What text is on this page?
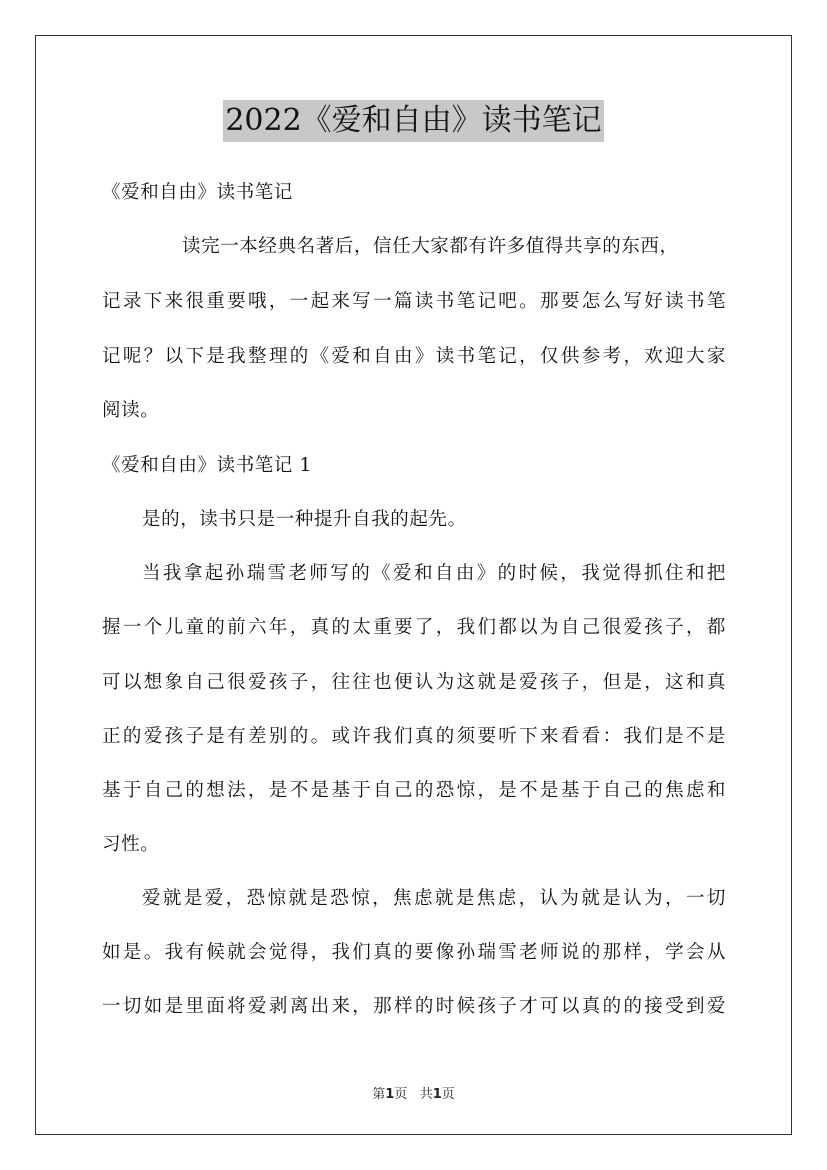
2022《爱和自由》读书笔记
《爱和自由》读书笔记
读完一本经典名著后，信任大家都有许多值得共享的东西，
记录下来很重要哦，一起来写一篇读书笔记吧。那要怎么写好读书笔
记呢？以下是我整理的《爱和自由》读书笔记，仅供参考，欢迎大家
阅读。
《爱和自由》读书笔记 1
是的，读书只是一种提升自我的起先。
当我拿起孙瑞雪老师写的《爱和自由》的时候，我觉得抓住和把
握一个儿童的前六年，真的太重要了，我们都以为自己很爱孩子，都
可以想象自己很爱孩子，往往也便认为这就是爱孩子，但是，这和真
正的爱孩子是有差别的。或许我们真的须要听下来看看：我们是不是
基于自己的想法，是不是基于自己的恐惊，是不是基于自己的焦虑和
习性。
爱就是爱，恐惊就是恐惊，焦虑就是焦虑，认为就是认为，一切
如是。我有候就会觉得，我们真的要像孙瑞雪老师说的那样，学会从
一切如是里面将爱剥离出来，那样的时候孩子才可以真的的接受到爱
第1页 共1页
